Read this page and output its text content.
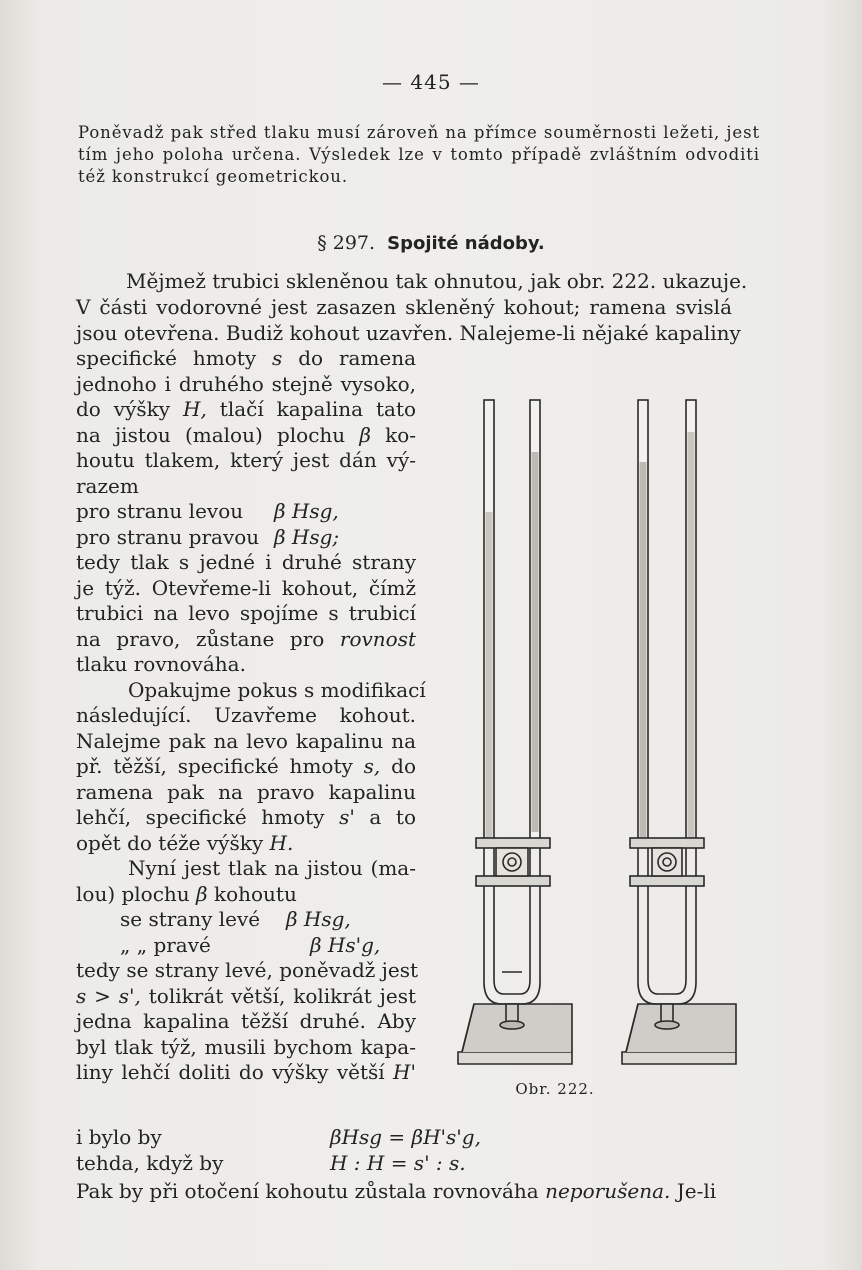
— 445 —

Poněvadž pak střed tlaku musí zároveň na přímce souměrnosti ležeti, jest tím jeho poloha určena. Výsledek lze v tomto případě zvláštním odvoditi též konstrukcí geometrickou.

§ 297. Spojité nádoby.
Mějmež trubici skleněnou tak ohnutou, jak obr. 222. ukazuje.
V části vodorovné jest zasazen skleněný kohout; ramena svislá
jsou otevřena. Budiž kohout uzavřen. Nalejeme-li nějaké kapaliny
specifické hmoty s do ramena
jednoho i druhého stejně vysoko,
do výšky H, tlačí kapalina tato
na jistou (malou) plochu β ko-
houtu tlakem, který jest dán vý-
razem
pro stranu levou β Hsg,
pro stranu pravou β Hsg;
tedy tlak s jedné i druhé strany
je týž. Otevřeme-li kohout, čímž
trubici na levo spojíme s trubicí
na pravo, zůstane pro rovnost
tlaku rovnováha.
Opakujme pokus s modifikací
následující. Uzavřeme kohout.
Nalejme pak na levo kapalinu na
př. těžší, specifické hmoty s, do
ramena pak na pravo kapalinu
lehčí, specifické hmoty s' a to
opět do téže výšky H.
Nyní jest tlak na jistou (ma-
lou) plochu β kohoutu
se strany levé β Hsg,
„ „ pravé	β Hs'g,
tedy se strany levé, poněvadž jest
s > s', tolikrát větší, kolikrát jest
jedna kapalina těžší druhé. Aby
byl tlak týž, musili bychom kapa-
liny lehčí doliti do výšky větší H'
i bylo by	βHsg = βH's'g,
tehda, když by	H : H = s' : s.
Pak by při otočení kohoutu zůstala rovnováha neporušena. Je-li
Obr. 222.
